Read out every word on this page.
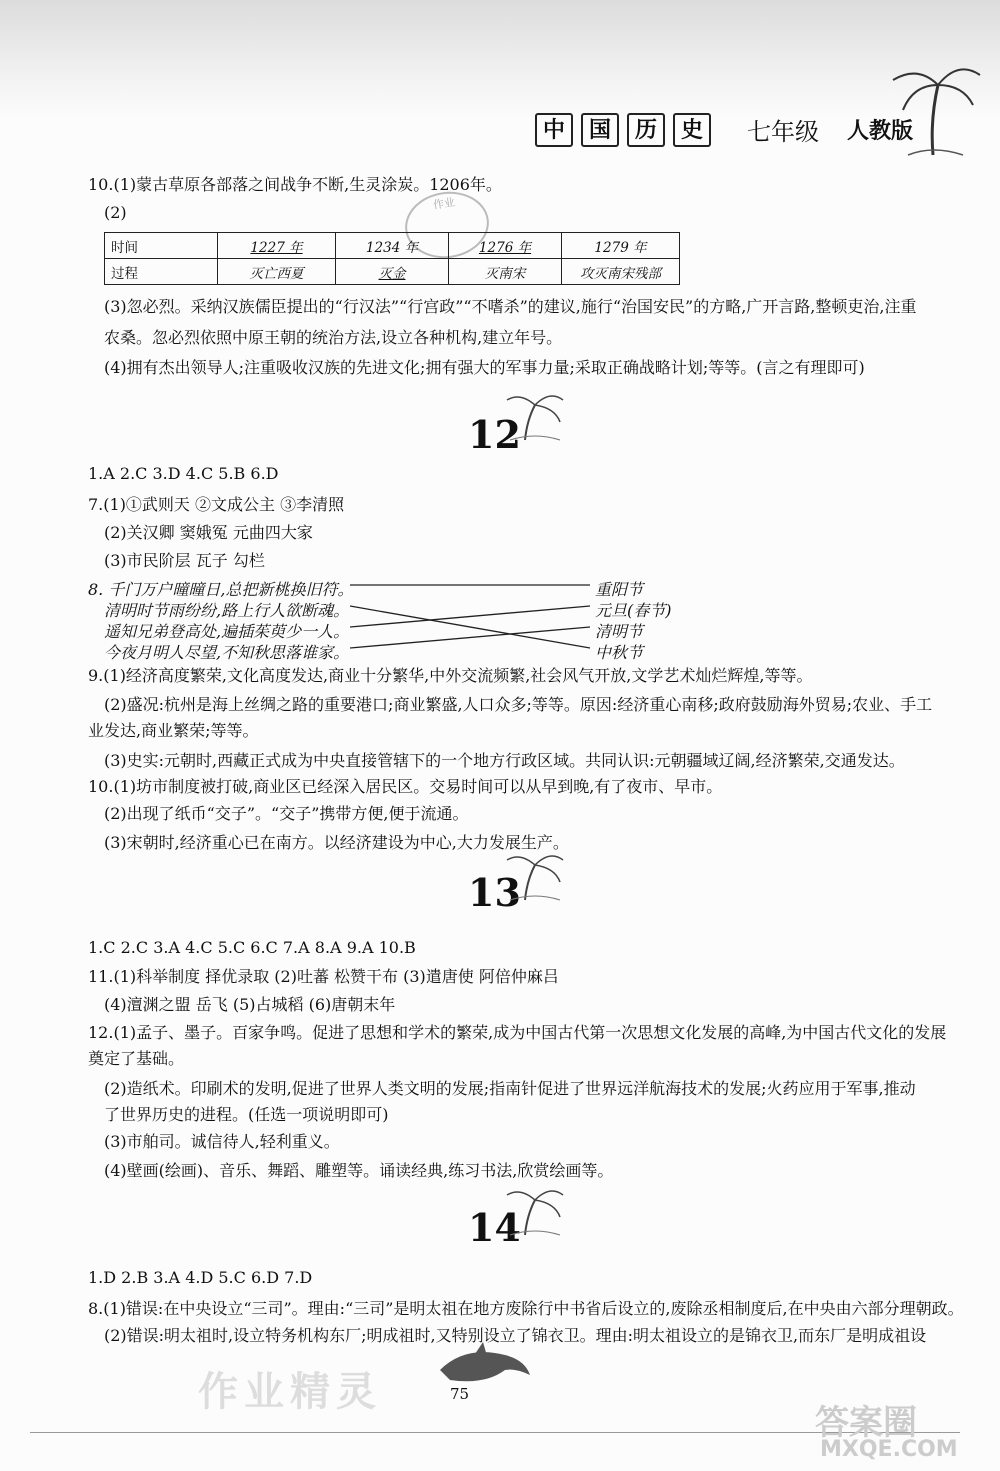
中	国	历	史	七年级 人教版
作业
10.(1)蒙古草原各部落之间战争不断,生灵涂炭。1206年。
(2)
时间	1227 年	1234 年	1276 年	1279 年
过程	灭亡西夏	灭金	灭南宋	攻灭南宋残部
(3)忽必烈。采纳汉族儒臣提出的“行汉法”“行宫政”“不嗜杀”的建议,施行“治国安民”的方略,广开言路,整顿吏治,注重
农桑。忽必烈依照中原王朝的统治方法,设立各种机构,建立年号。
(4)拥有杰出领导人;注重吸收汉族的先进文化;拥有强大的军事力量;采取正确战略计划;等等。(言之有理即可)
12
1.A 2.C 3.D 4.C 5.B 6.D
7.(1)①武则天 ②文成公主 ③李清照
(2)关汉卿 窦娥冤 元曲四大家
(3)市民阶层 瓦子 勾栏
8. 千门万户曈曈日,总把新桃换旧符。
清明时节雨纷纷,路上行人欲断魂。
遥知兄弟登高处,遍插茱萸少一人。
今夜月明人尽望,不知秋思落谁家。
重阳节
元旦(春节)
清明节
中秋节
9.(1)经济高度繁荣,文化高度发达,商业十分繁华,中外交流频繁,社会风气开放,文学艺术灿烂辉煌,等等。
(2)盛况:杭州是海上丝绸之路的重要港口;商业繁盛,人口众多;等等。原因:经济重心南移;政府鼓励海外贸易;农业、手工
业发达,商业繁荣;等等。
(3)史实:元朝时,西藏正式成为中央直接管辖下的一个地方行政区域。共同认识:元朝疆域辽阔,经济繁荣,交通发达。
10.(1)坊市制度被打破,商业区已经深入居民区。交易时间可以从早到晚,有了夜市、早市。
(2)出现了纸币“交子”。“交子”携带方便,便于流通。
(3)宋朝时,经济重心已在南方。以经济建设为中心,大力发展生产。
13
1.C 2.C 3.A 4.C 5.C 6.C 7.A 8.A 9.A 10.B
11.(1)科举制度 择优录取 (2)吐蕃 松赞干布 (3)遣唐使 阿倍仲麻吕
(4)澶渊之盟 岳飞 (5)占城稻 (6)唐朝末年
12.(1)孟子、墨子。百家争鸣。促进了思想和学术的繁荣,成为中国古代第一次思想文化发展的高峰,为中国古代文化的发展
奠定了基础。
(2)造纸术。印刷术的发明,促进了世界人类文明的发展;指南针促进了世界远洋航海技术的发展;火药应用于军事,推动
了世界历史的进程。(任选一项说明即可)
(3)市舶司。诚信待人,轻利重义。
(4)壁画(绘画)、音乐、舞蹈、雕塑等。诵读经典,练习书法,欣赏绘画等。
14
1.D 2.B 3.A 4.D 5.C 6.D 7.D
8.(1)错误:在中央设立“三司”。理由:“三司”是明太祖在地方废除行中书省后设立的,废除丞相制度后,在中央由六部分理朝政。
(2)错误:明太祖时,设立特务机构东厂;明成祖时,又特别设立了锦衣卫。理由:明太祖设立的是锦衣卫,而东厂是明成祖设
作业精灵	75
答案圈
MXQE.COM
